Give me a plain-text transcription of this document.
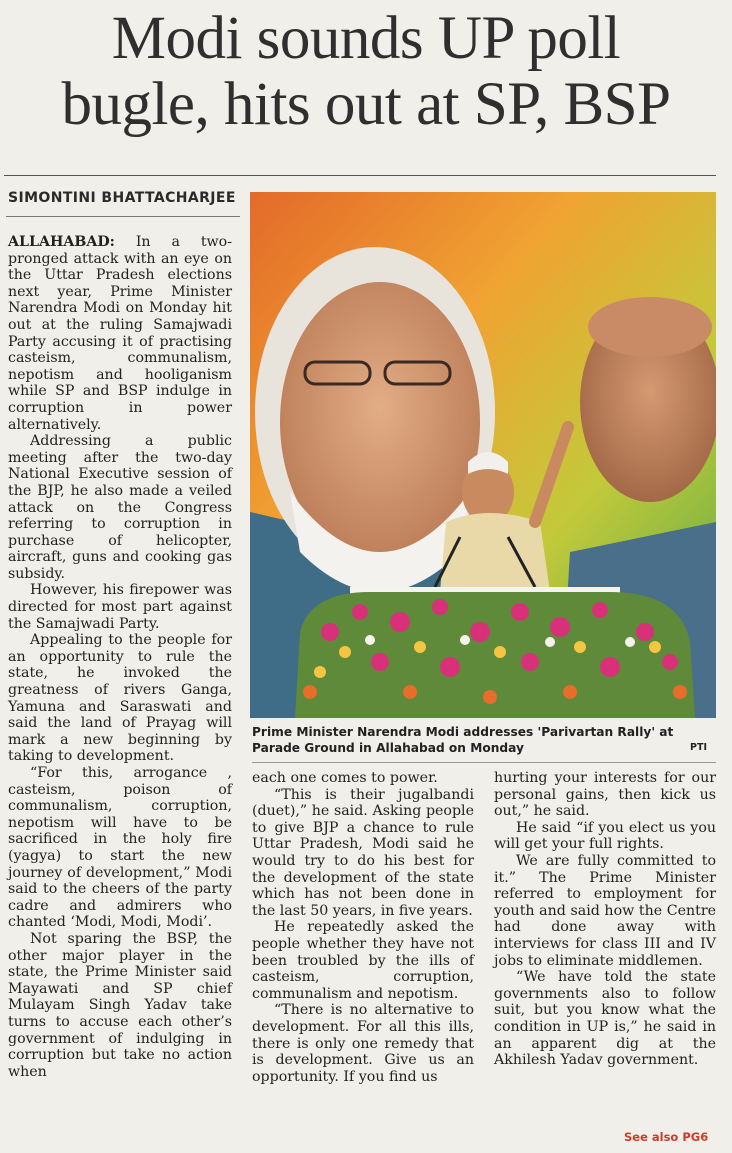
Modi sounds UP poll
bugle, hits out at SP, BSP
SIMONTINI BHATTACHARJEE

ALLAHABAD: In a two-pronged attack with an eye on the Uttar Pradesh elections next year, Prime Minister Narendra Modi on Monday hit out at the ruling Samajwadi Party accusing it of practising casteism, communalism, nepotism and hooliganism while SP and BSP indulge in corruption in power alternatively.

Addressing a public meeting after the two-day National Executive session of the BJP, he also made a veiled attack on the Congress referring to corruption in purchase of helicopter, aircraft, guns and cooking gas subsidy.

However, his firepower was directed for most part against the Samajwadi Party.

Appealing to the people for an opportunity to rule the state, he invoked the greatness of rivers Ganga, Yamuna and Saraswati and said the land of Prayag will mark a new beginning by taking to development.

“For this, arrogance , casteism, poison of communalism, corruption, nepotism will have to be sacrificed in the holy fire (yagya) to start the new journey of development,” Modi said to the cheers of the party cadre and admirers who chanted ‘Modi, Modi, Modi’.

Not sparing the BSP, the other major player in the state, the Prime Minister said Mayawati and SP chief Mulayam Singh Yadav take turns to accuse each other’s government of indulging in corruption but take no action when

Prime Minister Narendra Modi addresses 'Parivartan Rally' at Parade Ground in Allahabad on Monday	PTI

each one comes to power.

“This is their jugalbandi (duet),” he said. Asking people to give BJP a chance to rule Uttar Pradesh, Modi said he would try to do his best for the development of the state which has not been done in the last 50 years, in five years.

He repeatedly asked the people whether they have not been troubled by the ills of casteism, corruption, communalism and nepotism.

“There is no alternative to development. For all this ills, there is only one remedy that is development. Give us an opportunity. If you find us

hurting your interests for our personal gains, then kick us out,” he said.

He said “if you elect us you will get your full rights.

We are fully committed to it.” The Prime Minister referred to employment for youth and said how the Centre had done away with interviews for class III and IV jobs to eliminate middlemen.

“We have told the state governments also to follow suit, but you know what the condition in UP is,” he said in an apparent dig at the Akhilesh Yadav government.

See also PG6
